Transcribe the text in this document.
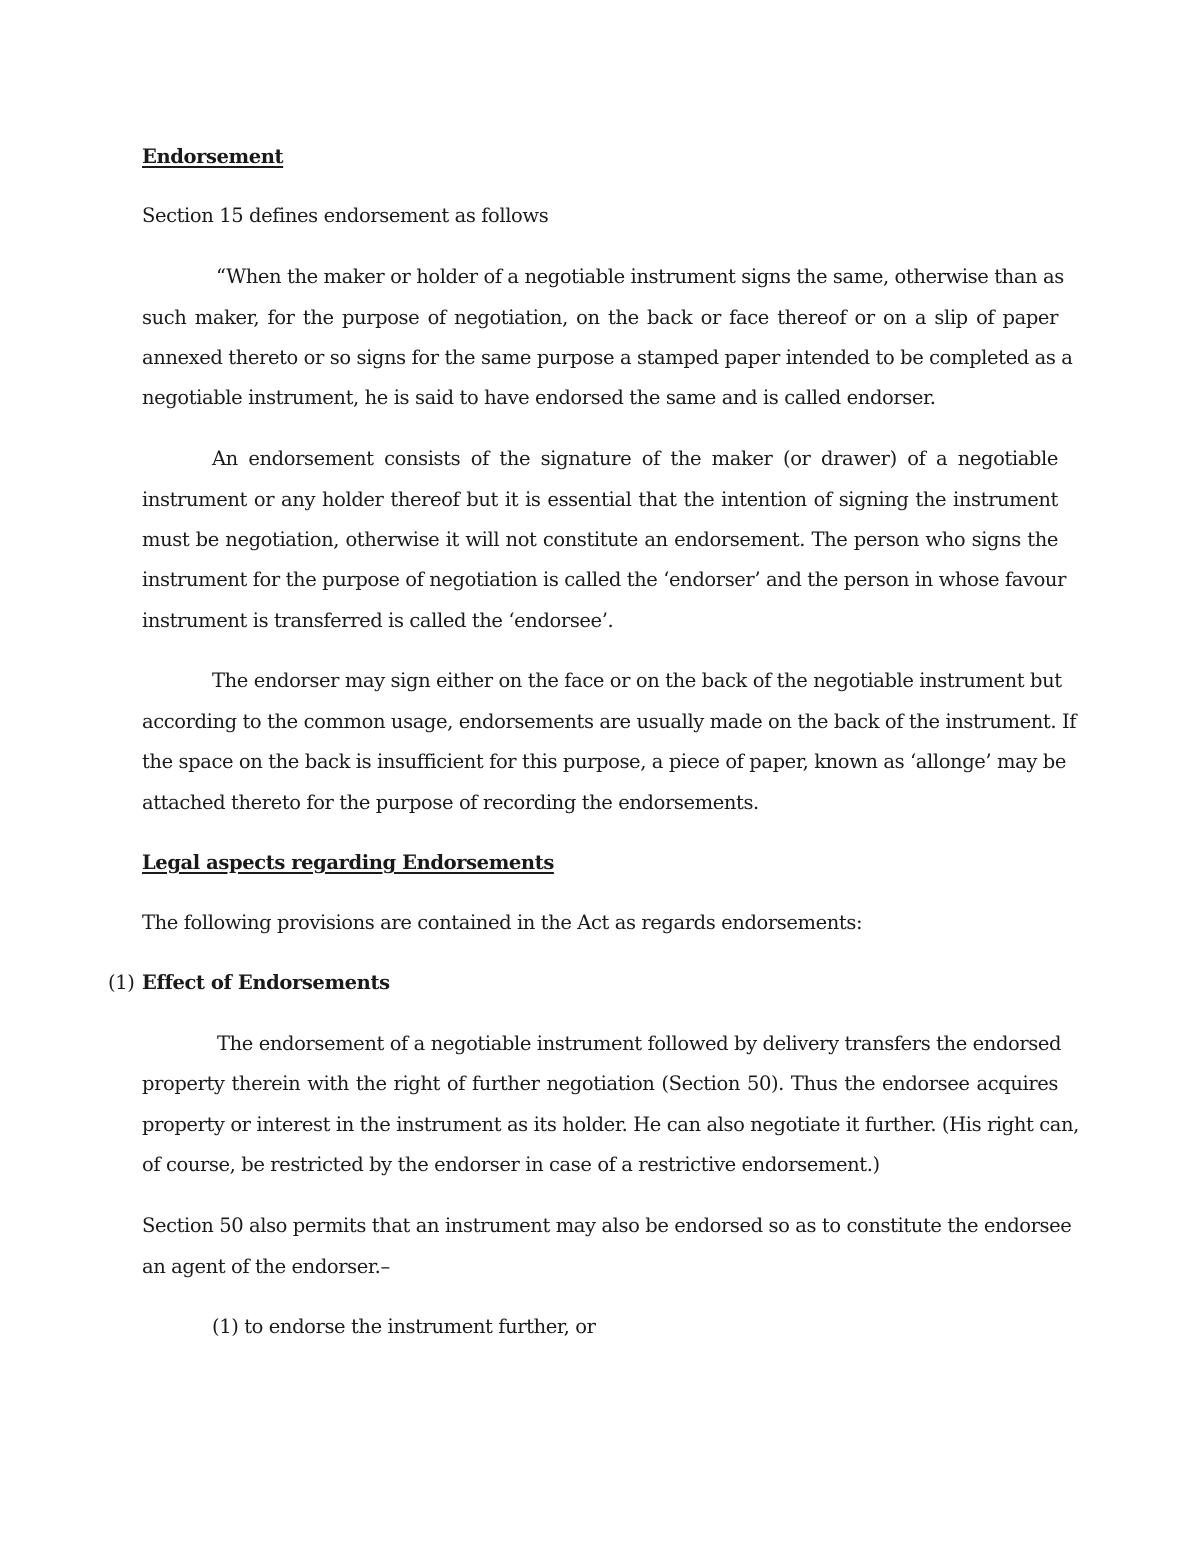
Endorsement
Section 15 defines endorsement as follows
“When the maker or holder of a negotiable instrument signs the same, otherwise than as
such maker, for the purpose of negotiation, on the back or face thereof or on a slip of paper
annexed thereto or so signs for the same purpose a stamped paper intended to be completed as a
negotiable instrument, he is said to have endorsed the same and is called endorser.
An endorsement consists of the signature of the maker (or drawer) of a negotiable
instrument or any holder thereof but it is essential that the intention of signing the instrument
must be negotiation, otherwise it will not constitute an endorsement. The person who signs the
instrument for the purpose of negotiation is called the ‘endorser’ and the person in whose favour
instrument is transferred is called the ‘endorsee’.
The endorser may sign either on the face or on the back of the negotiable instrument but
according to the common usage, endorsements are usually made on the back of the instrument. If
the space on the back is insufficient for this purpose, a piece of paper, known as ‘allonge’ may be
attached thereto for the purpose of recording the endorsements.
Legal aspects regarding Endorsements
The following provisions are contained in the Act as regards endorsements:
(1) Effect of Endorsements
The endorsement of a negotiable instrument followed by delivery transfers the endorsed
property therein with the right of further negotiation (Section 50). Thus the endorsee acquires
property or interest in the instrument as its holder. He can also negotiate it further. (His right can,
of course, be restricted by the endorser in case of a restrictive endorsement.)
Section 50 also permits that an instrument may also be endorsed so as to constitute the endorsee
an agent of the endorser.–
(1) to endorse the instrument further, or
